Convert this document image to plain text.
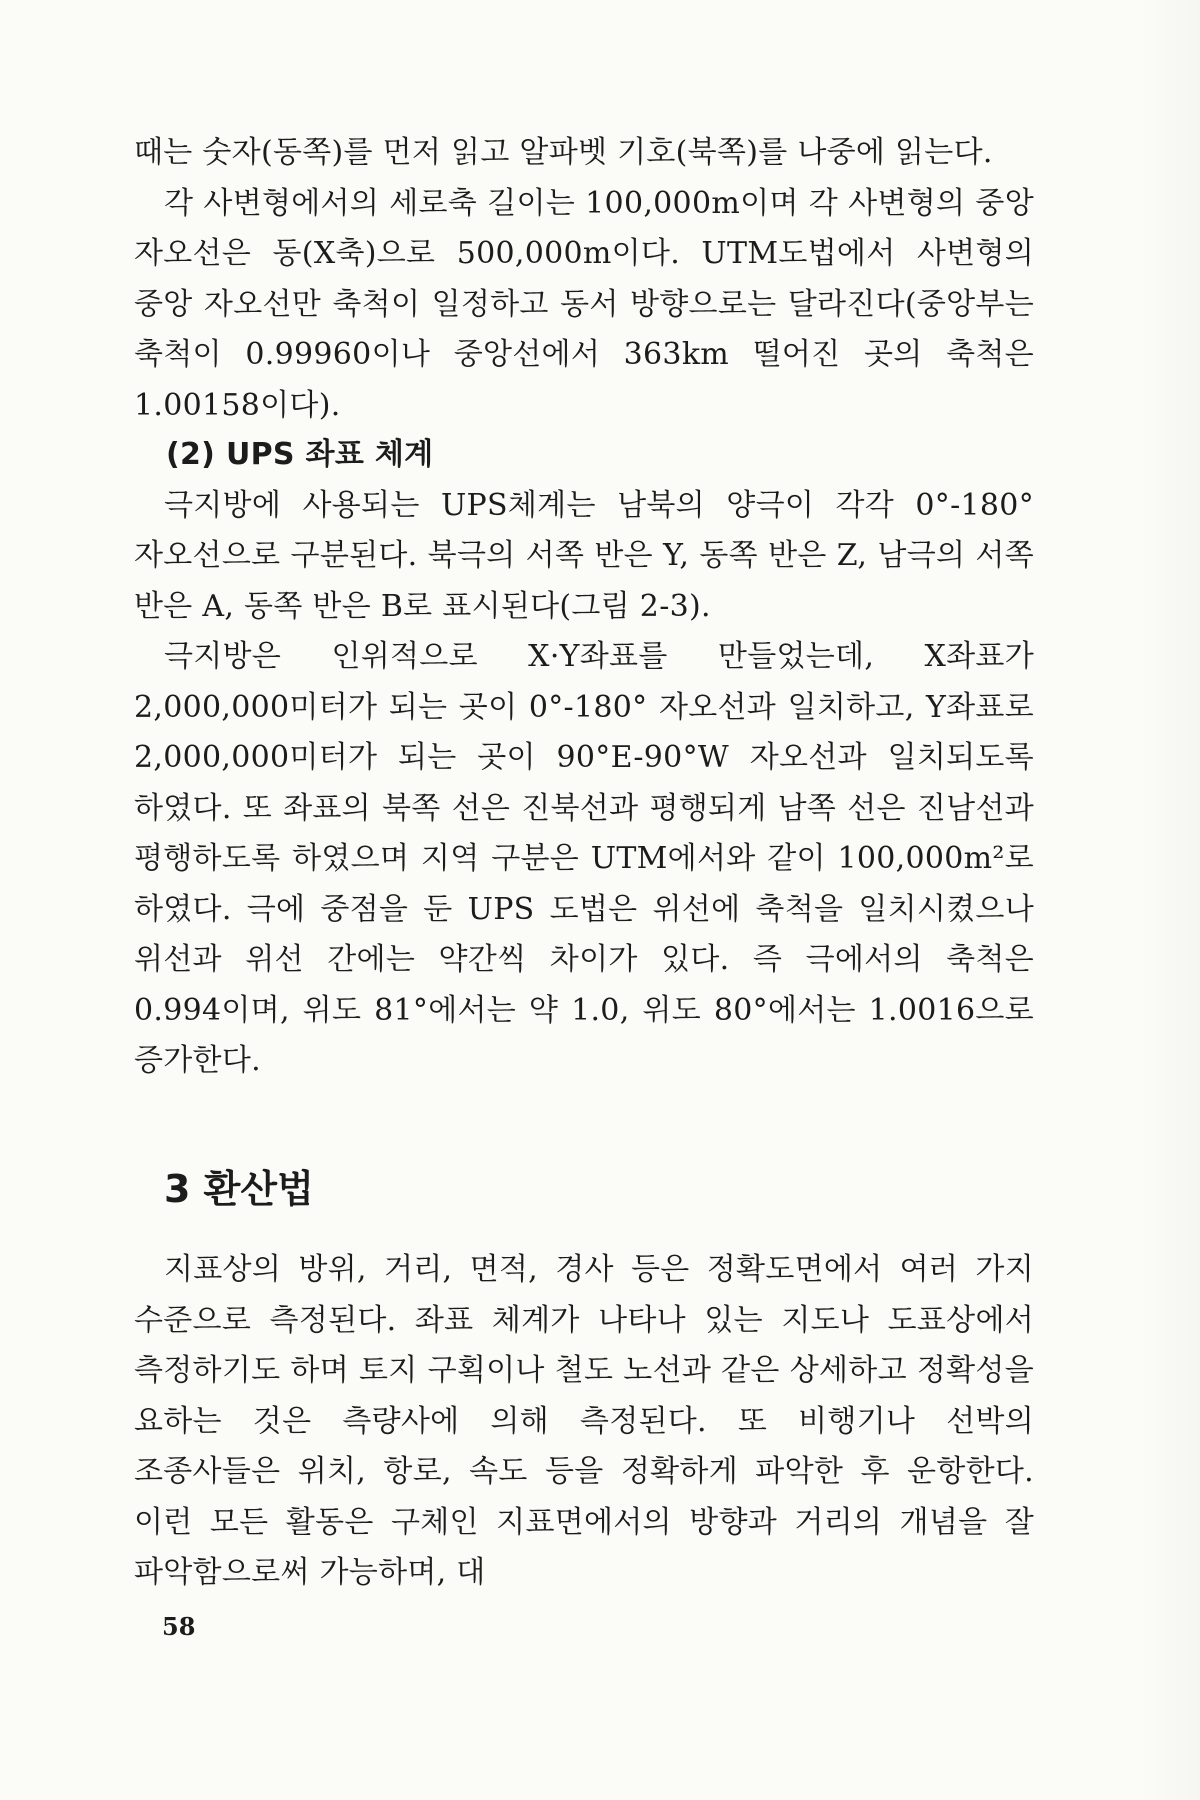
때는 숫자(동쪽)를 먼저 읽고 알파벳 기호(북쪽)를 나중에 읽는다.

각 사변형에서의 세로축 길이는 100,000m이며 각 사변형의 중앙 자오선은 동(X축)으로 500,000m이다. UTM도법에서 사변형의 중앙 자오선만 축척이 일정하고 동서 방향으로는 달라진다(중앙부는 축척이 0.99960이나 중앙선에서 363km 떨어진 곳의 축척은 1.00158이다).

(2) UPS 좌표 체계

극지방에 사용되는 UPS체계는 남북의 양극이 각각 0°-180° 자오선으로 구분된다. 북극의 서쪽 반은 Y, 동쪽 반은 Z, 남극의 서쪽 반은 A, 동쪽 반은 B로 표시된다(그림 2-3).

극지방은 인위적으로 X·Y좌표를 만들었는데, X좌표가 2,000,000미터가 되는 곳이 0°-180° 자오선과 일치하고, Y좌표로 2,000,000미터가 되는 곳이 90°E-90°W 자오선과 일치되도록 하였다. 또 좌표의 북쪽 선은 진북선과 평행되게 남쪽 선은 진남선과 평행하도록 하였으며 지역 구분은 UTM에서와 같이 100,000m²로 하였다. 극에 중점을 둔 UPS 도법은 위선에 축척을 일치시켰으나 위선과 위선 간에는 약간씩 차이가 있다. 즉 극에서의 축척은 0.994이며, 위도 81°에서는 약 1.0, 위도 80°에서는 1.0016으로 증가한다.

3 환산법

지표상의 방위, 거리, 면적, 경사 등은 정확도면에서 여러 가지 수준으로 측정된다. 좌표 체계가 나타나 있는 지도나 도표상에서 측정하기도 하며 토지 구획이나 철도 노선과 같은 상세하고 정확성을 요하는 것은 측량사에 의해 측정된다. 또 비행기나 선박의 조종사들은 위치, 항로, 속도 등을 정확하게 파악한 후 운항한다. 이런 모든 활동은 구체인 지표면에서의 방향과 거리의 개념을 잘 파악함으로써 가능하며, 대

58
